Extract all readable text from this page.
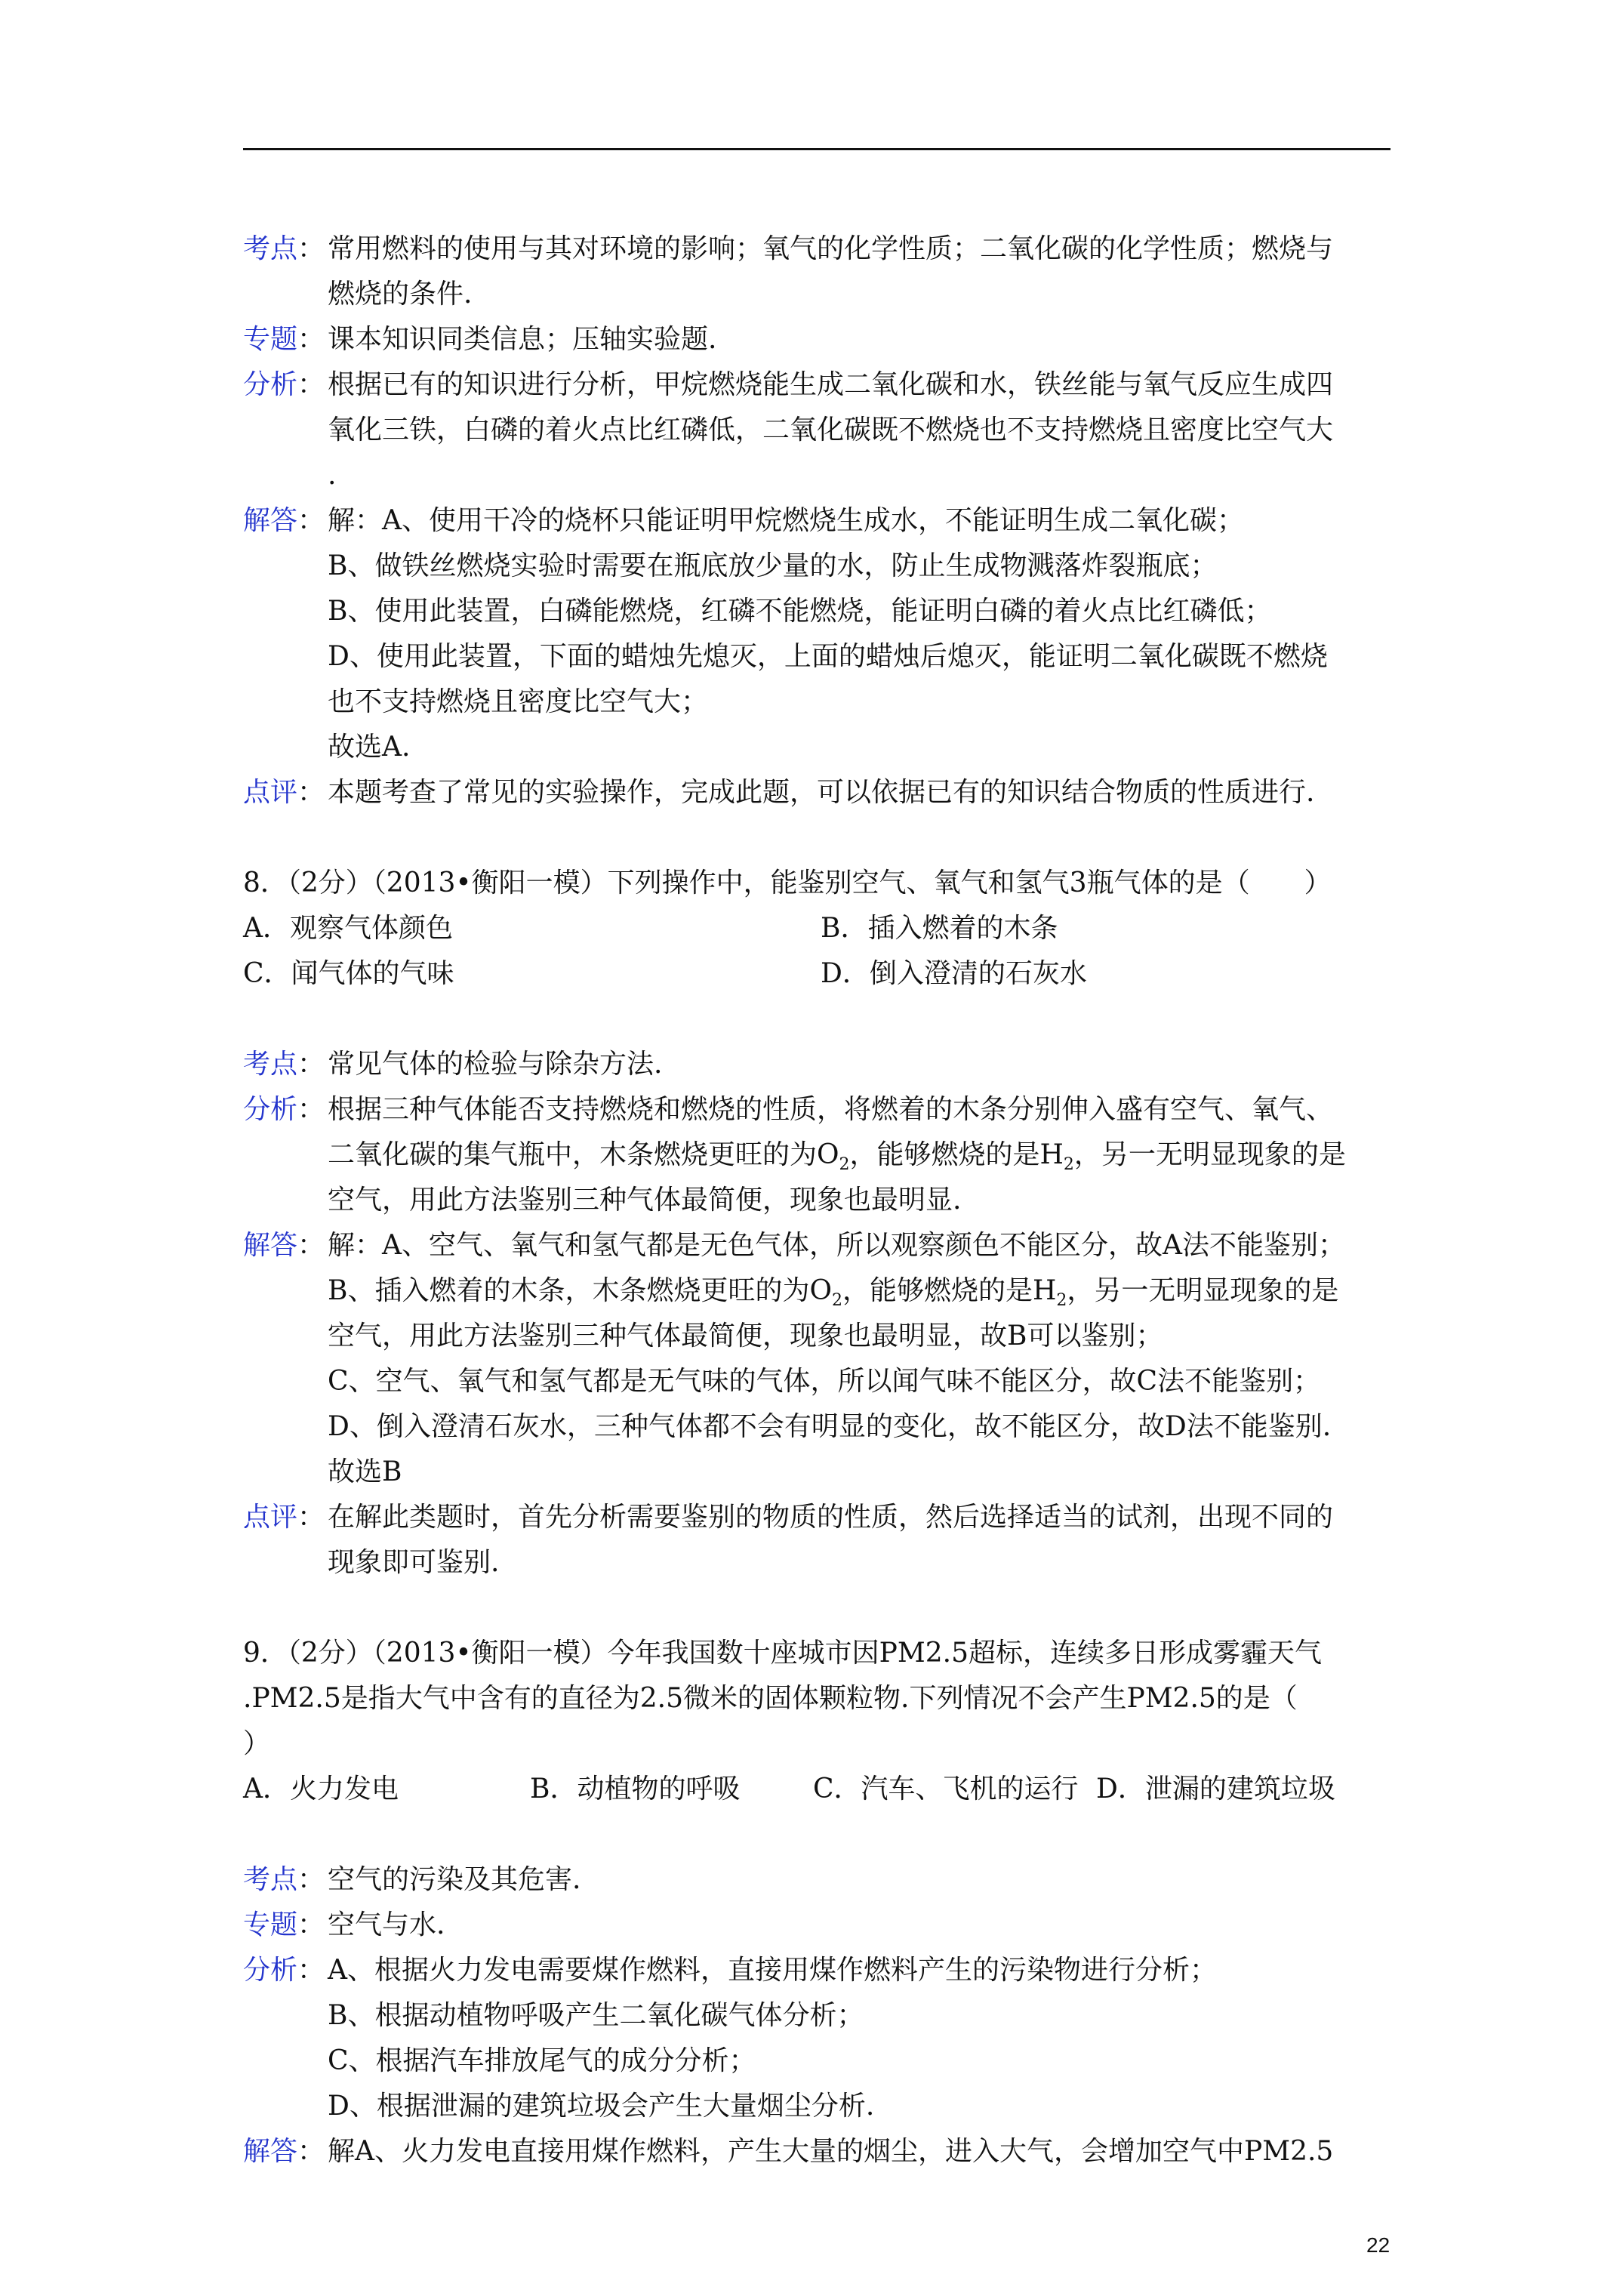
考点： 常用燃料的使用与其对环境的影响；氧气的化学性质；二氧化碳的化学性质；燃烧与
燃烧的条件.
专题： 课本知识同类信息；压轴实验题.
分析： 根据已有的知识进行分析，甲烷燃烧能生成二氧化碳和水，铁丝能与氧气反应生成四
氧化三铁，白磷的着火点比红磷低，二氧化碳既不燃烧也不支持燃烧且密度比空气大
.
解答： 解：A、使用干冷的烧杯只能证明甲烷燃烧生成水，不能证明生成二氧化碳；
B、做铁丝燃烧实验时需要在瓶底放少量的水，防止生成物溅落炸裂瓶底；
B、使用此装置，白磷能燃烧，红磷不能燃烧，能证明白磷的着火点比红磷低；
D、使用此装置，下面的蜡烛先熄灭，上面的蜡烛后熄灭，能证明二氧化碳既不燃烧
也不支持燃烧且密度比空气大；
故选A.
点评： 本题考查了常见的实验操作，完成此题，可以依据已有的知识结合物质的性质进行.
8．（2分）（2013•衡阳一模）下列操作中，能鉴别空气、氧气和氢气3瓶气体的是（　　）
A．观察气体颜色	B．插入燃着的木条
C．闻气体的气味	D．倒入澄清的石灰水
考点： 常见气体的检验与除杂方法.
分析： 根据三种气体能否支持燃烧和燃烧的性质，将燃着的木条分别伸入盛有空气、氧气、
二氧化碳的集气瓶中，木条燃烧更旺的为$O_2$，能够燃烧的是$H_2$，另一无明显现象的是
空气，用此方法鉴别三种气体最简便，现象也最明显.
解答： 解：A、空气、氧气和氢气都是无色气体，所以观察颜色不能区分，故A法不能鉴别；
B、插入燃着的木条，木条燃烧更旺的为$O_2$，能够燃烧的是$H_2$，另一无明显现象的是
空气，用此方法鉴别三种气体最简便，现象也最明显，故B可以鉴别；
C、空气、氧气和氢气都是无气味的气体，所以闻气味不能区分，故C法不能鉴别；
D、倒入澄清石灰水，三种气体都不会有明显的变化，故不能区分，故D法不能鉴别.
故选B
点评： 在解此类题时，首先分析需要鉴别的物质的性质，然后选择适当的试剂，出现不同的
现象即可鉴别.
9．（2分）（2013•衡阳一模）今年我国数十座城市因PM2.5超标，连续多日形成雾霾天气
.PM2.5是指大气中含有的直径为2.5微米的固体颗粒物.下列情况不会产生PM2.5的是（
）
A．火力发电	B．动植物的呼吸	C．汽车、飞机的运行 D．泄漏的建筑垃圾
考点： 空气的污染及其危害.
专题： 空气与水.
分析： A、根据火力发电需要煤作燃料，直接用煤作燃料产生的污染物进行分析；
B、根据动植物呼吸产生二氧化碳气体分析；
C、根据汽车排放尾气的成分分析；
D、根据泄漏的建筑垃圾会产生大量烟尘分析.
解答： 解A、火力发电直接用煤作燃料，产生大量的烟尘，进入大气，会增加空气中PM2.5
22
